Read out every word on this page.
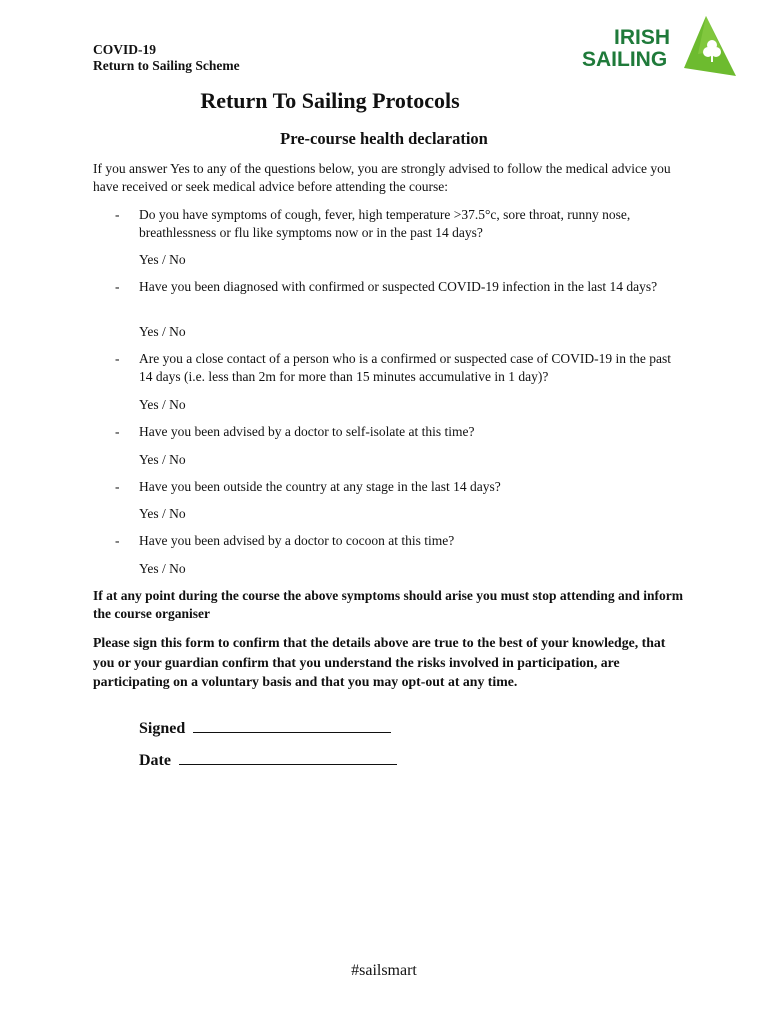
COVID-19
Return to Sailing Scheme
IRISH
SAILING
Return To Sailing Protocols
Pre-course health declaration
If you answer Yes to any of the questions below, you are strongly advised to follow the medical advice you have received or seek medical advice before attending the course:
- Do you have symptoms of cough, fever, high temperature >37.5°c, sore throat, runny nose, breathlessness or flu like symptoms now or in the past 14 days?
Yes / No
- Have you been diagnosed with confirmed or suspected COVID-19 infection in the last 14 days?
Yes / No
- Are you a close contact of a person who is a confirmed or suspected case of COVID-19 in the past 14 days (i.e. less than 2m for more than 15 minutes accumulative in 1 day)?
Yes / No
- Have you been advised by a doctor to self-isolate at this time?
Yes / No
- Have you been outside the country at any stage in the last 14 days?
Yes / No
- Have you been advised by a doctor to cocoon at this time?
Yes / No
If at any point during the course the above symptoms should arise you must stop attending and inform the course organiser
Please sign this form to confirm that the details above are true to the best of your knowledge, that you or your guardian confirm that you understand the risks involved in participation, are participating on a voluntary basis and that you may opt-out at any time.
Signed
Date
#sailsmart
